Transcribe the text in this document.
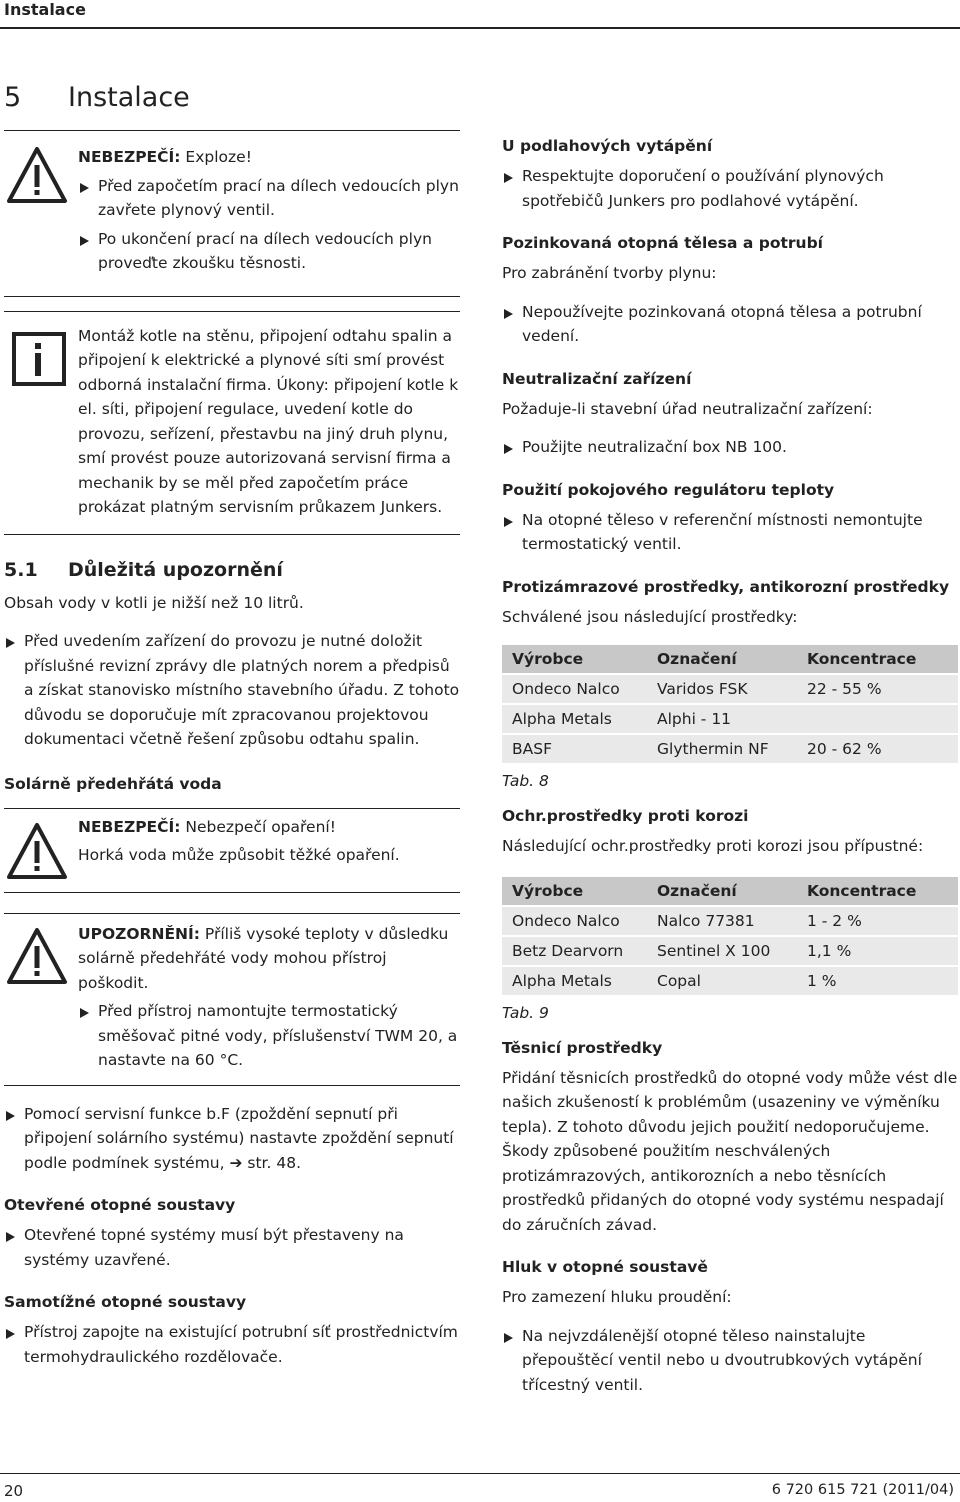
Instalace
5 Instalace

NEBEZPEČÍ: Exploze!

Před započetím prací na dílech vedoucích plyn zavřete plynový ventil.
Po ukončení prací na dílech vedoucích plyn proveďte zkoušku těsnosti.

Montáž kotle na stěnu, připojení odtahu spalin a připojení k elektrické a plynové síti smí provést odborná instalační firma. Úkony: připojení kotle k el. síti, připojení regulace, uvedení kotle do provozu, seřízení, přestavbu na jiný druh plynu, smí provést pouze autorizovaná servisní firma a mechanik by se měl před započetím práce prokázat platným servisním průkazem Junkers.

5.1 Důležitá upozornění

Obsah vody v kotli je nižší než 10 litrů.

Před uvedením zařízení do provozu je nutné doložit příslušné revizní zprávy dle platných norem a předpisů a získat stanovisko místního stavebního úřadu. Z tohoto důvodu se doporučuje mít zpracovanou projektovou dokumentaci včetně řešení způsobu odtahu spalin.
Solárně předehřátá voda

NEBEZPEČÍ: Nebezpečí opaření!

Horká voda může způsobit těžké opaření.

UPOZORNĚNÍ: Příliš vysoké teploty v důsledku solárně předehřáté vody mohou přístroj poškodit.

Před přístroj namontujte termostatický směšovač pitné vody, příslušenství TWM 20, a nastavte na 60 °C.
Pomocí servisní funkce b.F (zpoždění sepnutí při připojení solárního systému) nastavte zpoždění sepnutí podle podmínek systému, ➔ str. 48.
Otevřené otopné soustavy
Otevřené topné systémy musí být přestaveny na systémy uzavřené.
Samotížné otopné soustavy
Přístroj zapojte na existující potrubní síť prostřednictvím termohydraulického rozdělovače.
U podlahových vytápění
Respektujte doporučení o používání plynových spotřebičů Junkers pro podlahové vytápění.
Pozinkovaná otopná tělesa a potrubí

Pro zabránění tvorby plynu:

Nepoužívejte pozinkovaná otopná tělesa a potrubní vedení.
Neutralizační zařízení

Požaduje-li stavební úřad neutralizační zařízení:

Použijte neutralizační box NB 100.
Použití pokojového regulátoru teploty
Na otopné těleso v referenční místnosti nemontujte termostatický ventil.
Protizámrazové prostředky, antikorozní prostředky

Schválené jsou následující prostředky:

Výrobce	Označení	Koncentrace
Ondeco Nalco	Varidos FSK	22 - 55 %
Alpha Metals	Alphi - 11	
BASF	Glythermin NF	20 - 62 %
Tab. 8
Ochr.prostředky proti korozi

Následující ochr.prostředky proti korozi jsou přípustné:

Výrobce	Označení	Koncentrace
Ondeco Nalco	Nalco 77381	1 - 2 %
Betz Dearvorn	Sentinel X 100	1,1 %
Alpha Metals	Copal	1 %
Tab. 9
Těsnicí prostředky

Přidání těsnicích prostředků do otopné vody může vést dle našich zkušeností k problémům (usazeniny ve výměníku tepla). Z tohoto důvodu jejich použití nedoporučujeme. Škody způsobené použitím neschválených protizámrazových, antikorozních a nebo těsnících prostředků přidaných do otopné vody systému nespadají do záručních závad.

Hluk v otopné soustavě

Pro zamezení hluku proudění:

Na nejvzdálenější otopné těleso nainstalujte přepouštěcí ventil nebo u dvoutrubkových vytápění třícestný ventil.
20	6 720 615 721 (2011/04)
